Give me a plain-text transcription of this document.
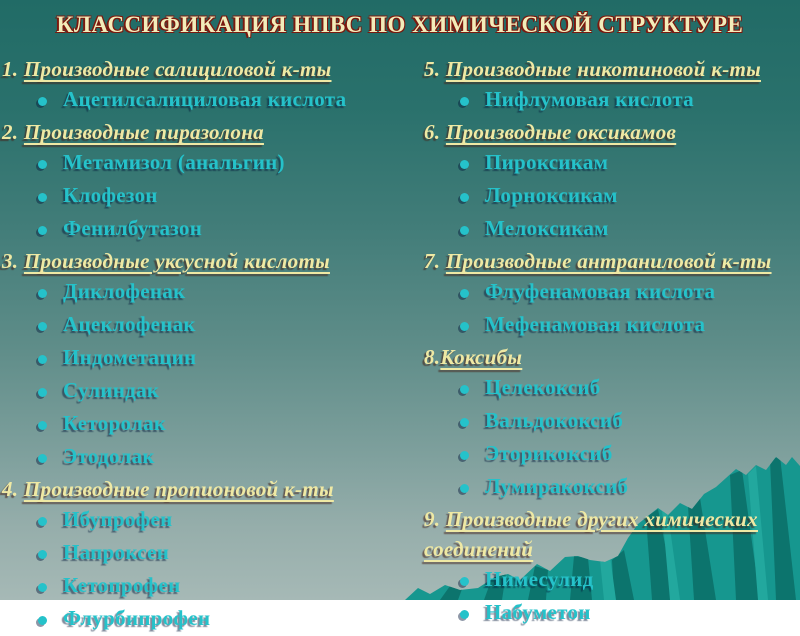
КЛАССИФИКАЦИЯ НПВС ПО ХИМИЧЕСКОЙ СТРУКТУРЕ
1. Производные салициловой к-ты
Ацетилсалициловая кислота
2. Производные пиразолона
Метамизол (анальгин)
Клофезон
Фенилбутазон
3. Производные уксусной кислоты
Диклофенак
Ацеклофенак
Индометацин
Сулиндак
Кеторолак
Этодолак
4. Производные пропионовой к-ты
Ибупрофен
Напроксен
Кетопрофен
Флурбипрофен
5. Производные никотиновой к-ты
Нифлумовая кислота
6. Производные оксикамов
Пироксикам
Лорноксикам
Мелоксикам
7. Производные антраниловой к-ты
Флуфенамовая кислота
Мефенамовая кислота
8.Коксибы
Целекоксиб
Вальдококсиб
Эторикоксиб
Лумиракоксиб
9. Производные других химических соединений
Нимесулид
Набуметон
